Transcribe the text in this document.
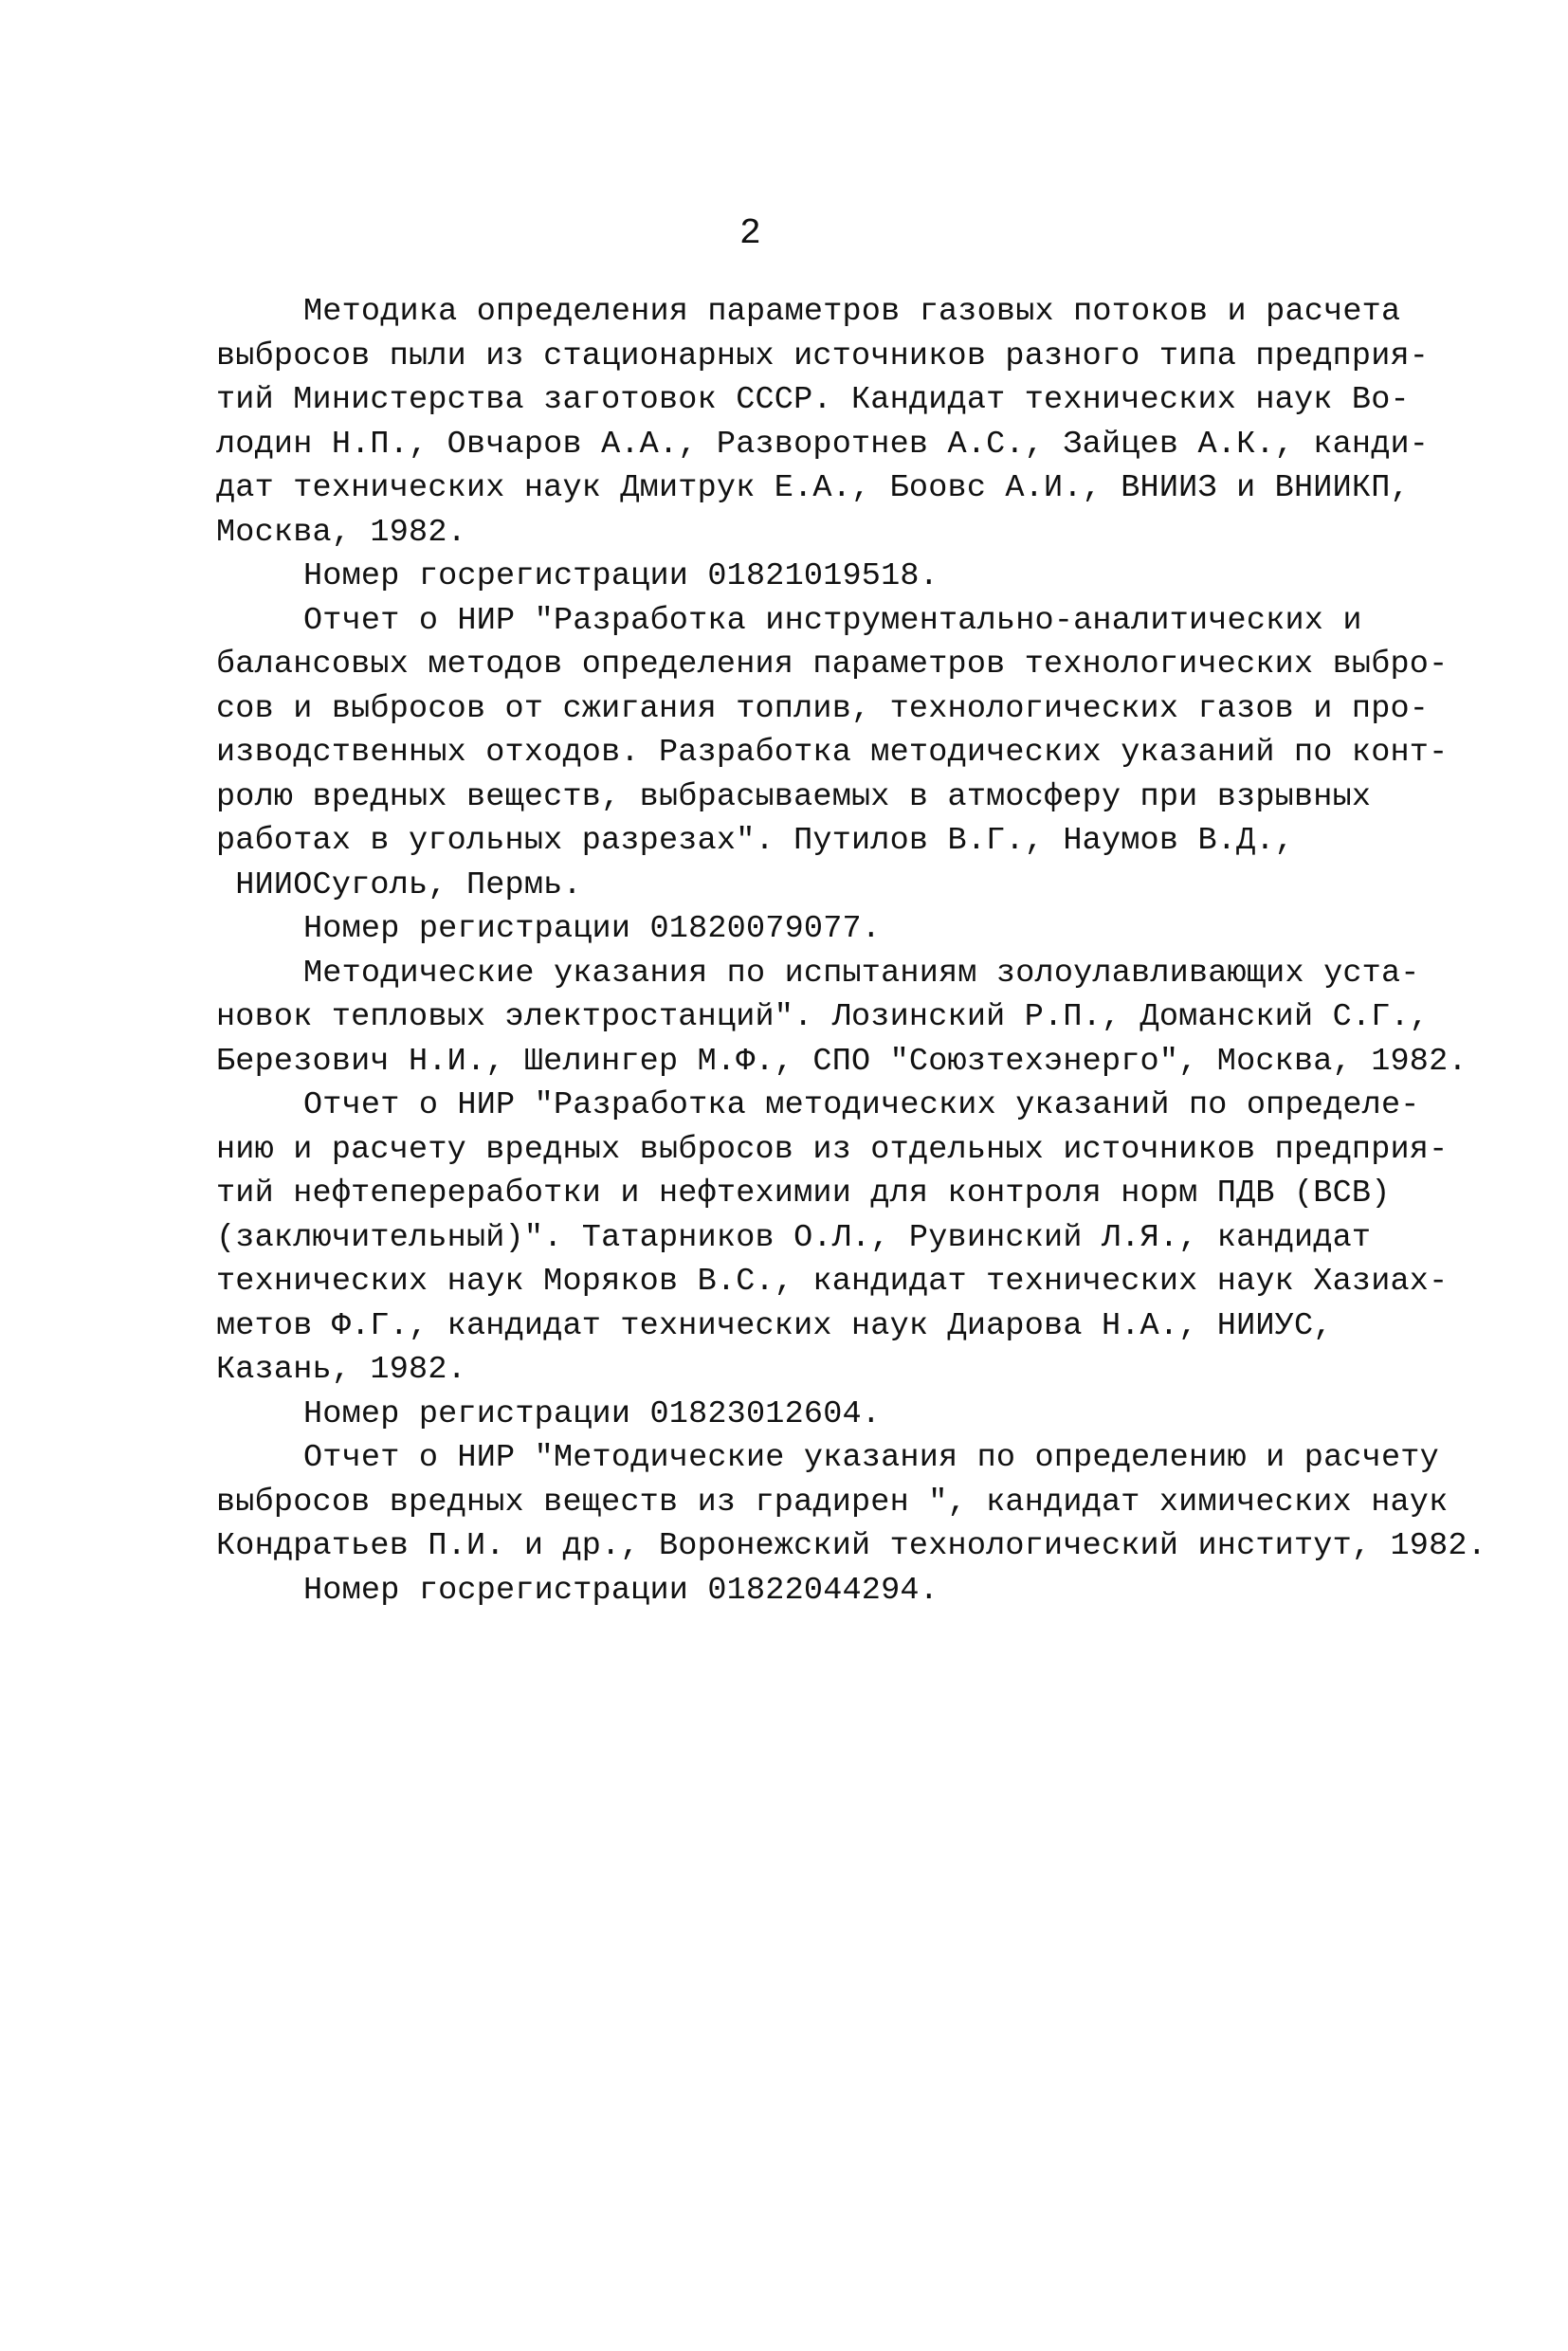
2
Методика определения параметров газовых потоков и расчета
выбросов пыли из стационарных источников разного типа предприя-
тий Министерства заготовок СССР. Кандидат технических наук Во-
лодин Н.П., Овчаров А.А., Разворотнев А.С., Зайцев А.К., канди-
дат технических наук Дмитрук Е.А., Боовс А.И., ВНИИЗ и ВНИИКП,
Москва, 1982.
Номер госрегистрации 01821019518.
Отчет о НИР "Разработка инструментально-аналитических и
балансовых методов определения параметров технологических выбро-
сов и выбросов от сжигания топлив, технологических газов и про-
изводственных отходов. Разработка методических указаний по конт-
ролю вредных веществ, выбрасываемых в атмосферу при взрывных
работах в угольных разрезах". Путилов В.Г., Наумов В.Д.,
НИИОСуголь, Пермь.
Номер регистрации 01820079077.
Методические указания по испытаниям золоулавливающих уста-
новок тепловых электростанций". Лозинский Р.П., Доманский С.Г.,
Березович Н.И., Шелингер М.Ф., СПО "Союзтехэнерго", Москва, 1982.
Отчет о НИР "Разработка методических указаний по определе-
нию и расчету вредных выбросов из отдельных источников предприя-
тий нефтепереработки и нефтехимии для контроля норм ПДВ (ВСВ)
(заключительный)". Татарников О.Л., Рувинский Л.Я., кандидат
технических наук Моряков В.С., кандидат технических наук Хазиах-
метов Ф.Г., кандидат технических наук Диарова Н.А., НИИУС,
Казань, 1982.
Номер регистрации 01823012604.
Отчет о НИР "Методические указания по определению и расчету
выбросов вредных веществ из градирен ", кандидат химических наук
Кондратьев П.И. и др., Воронежский технологический институт, 1982.
Номер госрегистрации 01822044294.
